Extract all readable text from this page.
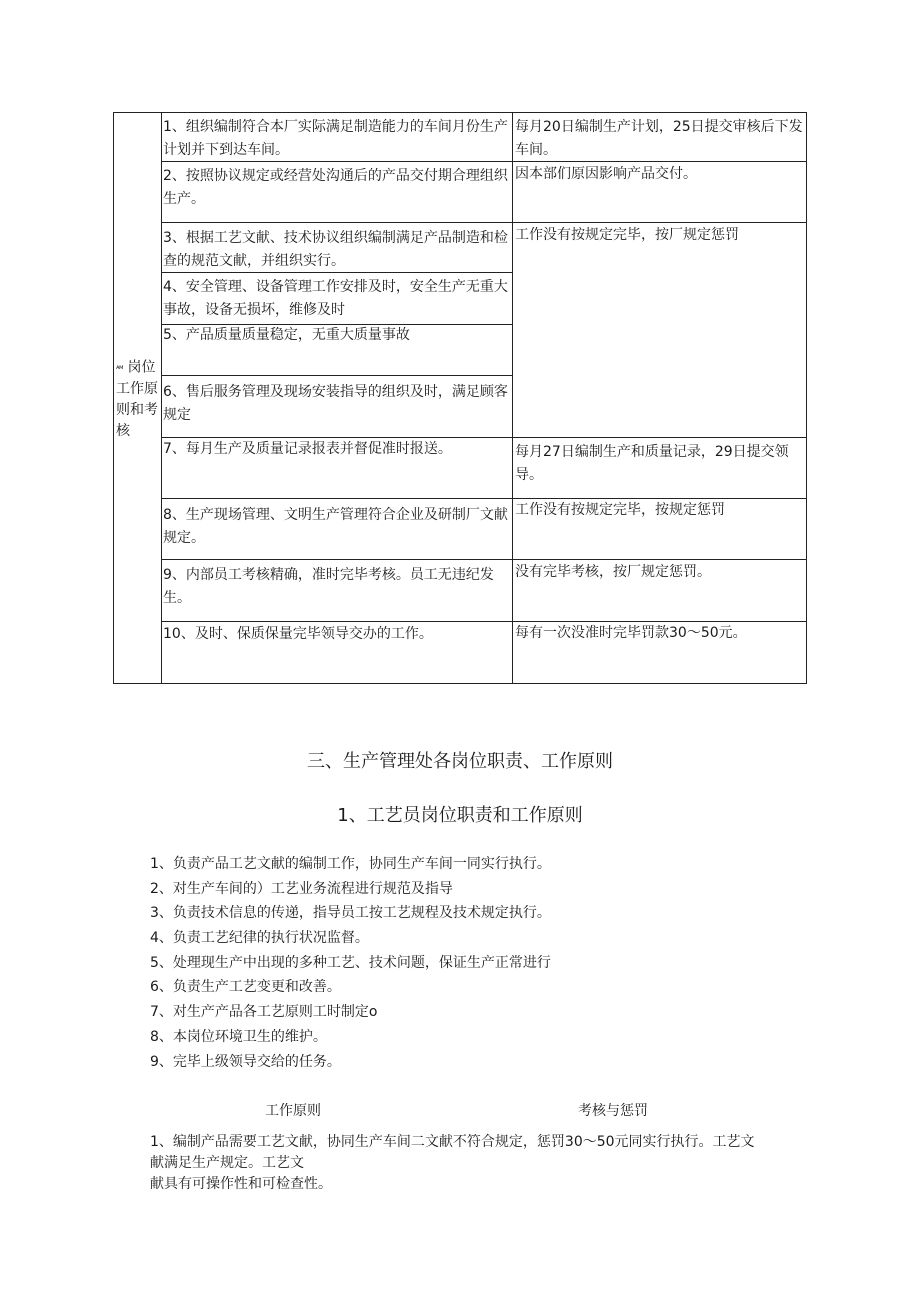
ᴀᴍ 岗位工作原则和考核
1、组织编制符合本厂实际满足制造能力的车间月份生产计划并下到达车间。
2、按照协议规定或经营处沟通后的产品交付期合理组织生产。
3、根据工艺文献、技术协议组织编制满足产品制造和检查的规范文献，并组织实行。
4、安全管理、设备管理工作安排及时，安全生产无重大事故，设备无损坏，维修及时
5、产品质量质量稳定，无重大质量事故
6、售后服务管理及现场安装指导的组织及时，满足顾客规定
7、每月生产及质量记录报表并督促准时报送。
8、生产现场管理、文明生产管理符合企业及研制厂文献规定。
9、内部员工考核精确，准时完毕考核。员工无违纪发生。
10、及时、保质保量完毕领导交办的工作。
每月20日编制生产计划，25日提交审核后下发车间。
因本部们原因影响产品交付。
工作没有按规定完毕，按厂规定惩罚
每月27日编制生产和质量记录，29日提交领导。
工作没有按规定完毕，按规定惩罚
没有完毕考核，按厂规定惩罚。
每有一次没准时完毕罚款30～50元。
三、生产管理处各岗位职责、工作原则
1、工艺员岗位职责和工作原则
1、负责产品工艺文献的编制工作，协同生产车间一同实行执行。
2、对生产车间的）工艺业务流程进行规范及指导
3、负责技术信息的传递，指导员工按工艺规程及技术规定执行。
4、负责工艺纪律的执行状况监督。
5、处理现生产中出现的多种工艺、技术问题，保证生产正常进行
6、负责生产工艺变更和改善。
7、对生产产品各工艺原则工时制定o
8、本岗位环境卫生的维护。
9、完毕上级领导交给的任务。
工作原则	考核与惩罚
1、编制产品需要工艺文献，协同生产车间二文献不符合规定，惩罚30～50元同实行执行。工艺文
献满足生产规定。工艺文
献具有可操作性和可检查性。
